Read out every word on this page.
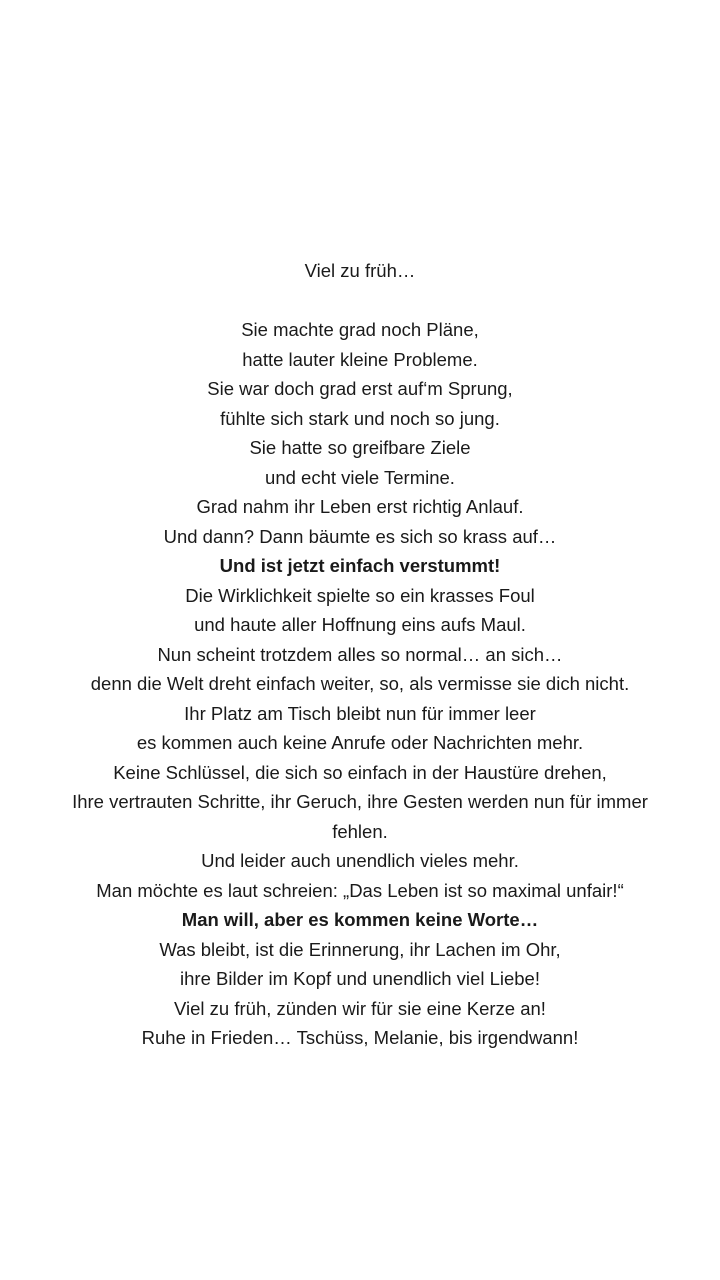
Viel zu früh…
Sie machte grad noch Pläne,
hatte lauter kleine Probleme.
Sie war doch grad erst auf‘m Sprung,
fühlte sich stark und noch so jung.
Sie hatte so greifbare Ziele
und echt viele Termine.
Grad nahm ihr Leben erst richtig Anlauf.
Und dann? Dann bäumte es sich so krass auf…
Und ist jetzt einfach verstummt!
Die Wirklichkeit spielte so ein krasses Foul
und haute aller Hoffnung eins aufs Maul.
Nun scheint trotzdem alles so normal… an sich…
denn die Welt dreht einfach weiter, so, als vermisse sie dich nicht.
Ihr Platz am Tisch bleibt nun für immer leer
es kommen auch keine Anrufe oder Nachrichten mehr.
Keine Schlüssel, die sich so einfach in der Haustüre drehen,
Ihre vertrauten Schritte, ihr Geruch, ihre Gesten werden nun für immer fehlen.
Und leider auch unendlich vieles mehr.
Man möchte es laut schreien: „Das Leben ist so maximal unfair!“
Man will, aber es kommen keine Worte…
Was bleibt, ist die Erinnerung, ihr Lachen im Ohr,
ihre Bilder im Kopf und unendlich viel Liebe!
Viel zu früh, zünden wir für sie eine Kerze an!
Ruhe in Frieden… Tschüss, Melanie, bis irgendwann!
